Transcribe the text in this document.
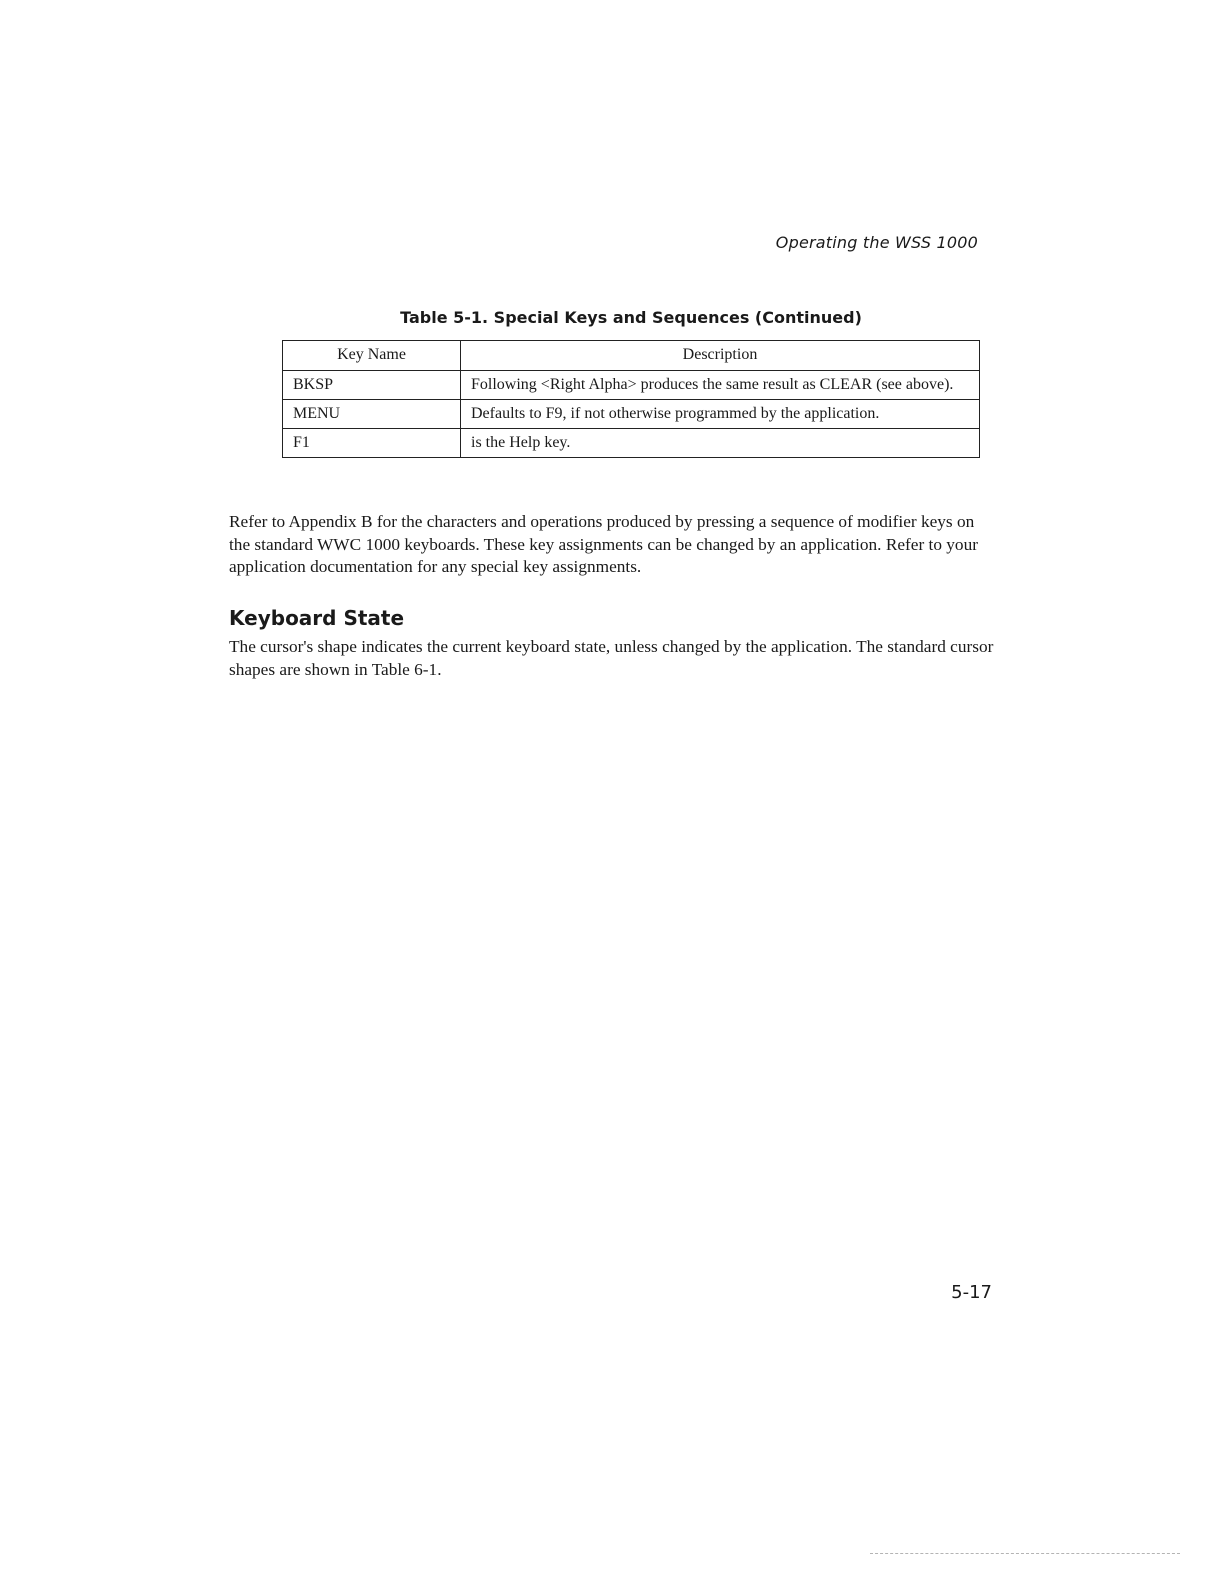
Operating the WSS 1000
Table 5-1. Special Keys and Sequences (Continued)
Key Name	Description
BKSP	Following <Right Alpha> produces the same result as CLEAR (see above).
MENU	Defaults to F9, if not otherwise programmed by the application.
F1	is the Help key.

Refer to Appendix B for the characters and operations produced by pressing a sequence of modifier keys on the standard WWC 1000 keyboards. These key assignments can be changed by an application. Refer to your application documentation for any special key assignments.

Keyboard State

The cursor's shape indicates the current keyboard state, unless changed by the application. The standard cursor shapes are shown in Table 6-1.

5-17
